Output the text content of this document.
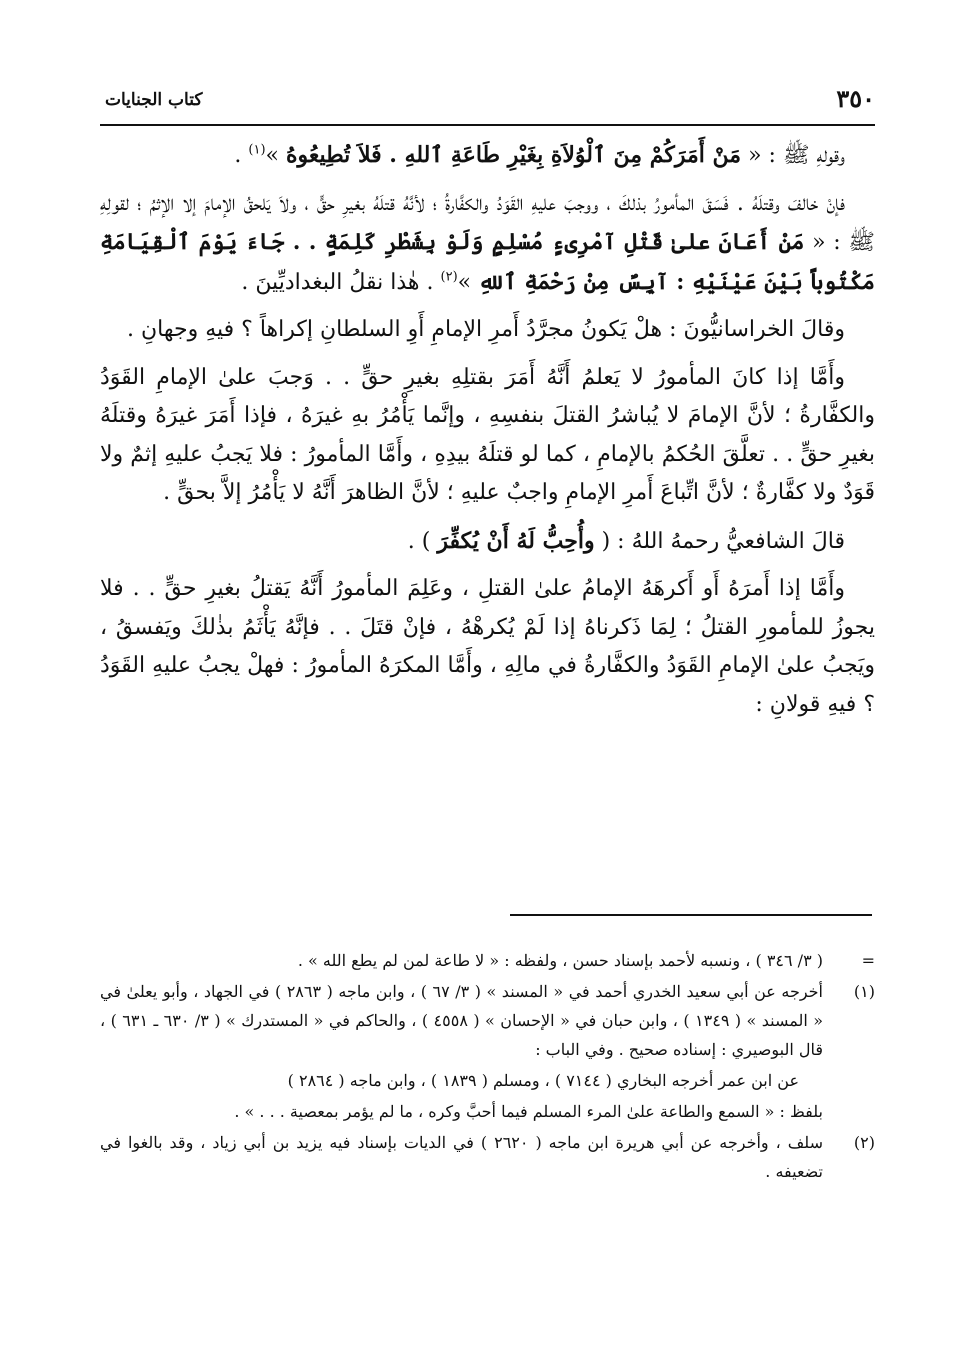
٣٥٠
كتاب الجنايات

وقولهِ ﷺ : « مَنْ أَمَرَكُمْ مِنَ ٱلْوُلاَةِ بِغَيْرِ طَاعَةِ ٱللهِ . فَلاَ تُطِيعُوهُ »$^{(١)}$ .

فإنْ خالفَ وقتلَهُ . فَسَقَ المأمورُ بذلكَ ، ووجبَ عليهِ القَوَدُ والكفَّارةُ ؛ لأنَّهُ قتلَهُ بغيرِ حقٍّ ، ولاَ يَلحقُ الإمامَ إلا الإثمُ ؛ لقولِهِ ﷺ : « مَنْ أَعَانَ علىٰ قَتْلِ آمْرِىءٍ مُسْلِمٍ وَلَوْ بِشَطْرِ كَلِمَةٍ . . جَاءَ يَوْمَ ٱلْقِيَامَةِ مَكْتُوباً بَيْنَ عَيْنَيْهِ : آيِسٌ مِنْ رَحْمَةِ ٱللهِ »$^{(٢)}$ . هٰذا نقلُ البغداديِّينَ .

وقالَ الخراسانيُّونَ : هلْ يَكونُ مجرَّدُ أَمرِ الإمامِ أَوِ السلطانِ إكراهاً ؟ فيهِ وجهانِ .

وأَمَّا إذا كانَ المأمورُ لا يَعلمُ أَنَّهُ أَمَرَ بقتلِهِ بغيرِ حقٍّ . . وَجبَ علىٰ الإمامِ القَوَدُ والكفَّارةُ ؛ لأنَّ الإمامَ لا يُباشرُ القتلَ بنفسِهِ ، وإنَّما يَأْمُرُ بهِ غيرَهُ ، فإذا أَمَرَ غيرَهُ وقتلَهُ بغيرِ حقٍّ . . تعلَّقَ الحُكمُ بالإمامِ ، كما لو قتلَهُ بيدِهِ ، وأَمَّا المأمورُ : فلا يَجبُ عليهِ إثمٌ ولا قَوَدٌ ولا كفَّارةٌ ؛ لأنَّ اتِّباعَ أَمرِ الإمامِ واجبٌ عليهِ ؛ لأنَّ الظاهرَ أَنَّهُ لا يَأْمُرُ إلاَّ بحقٍّ .

قالَ الشافعيُّ رحمهُ اللهُ : ( وأُحِبُّ لَهُ أَنْ يُكفِّرَ ) .

وأَمَّا إذا أَمرَهُ أَو أَكرهَهُ الإمامُ علىٰ القتلِ ، وعَلِمَ المأمورُ أَنَّهُ يَقتلُ بغيرِ حقٍّ . . فلا يجوزُ للمأمورِ القتلُ ؛ لِمَا ذَكرناهُ إذا لَمْ يُكرهْهُ ، فإنْ قتَلَ . . فإنَّهُ يَأْثَمُ بذٰلكَ ويَفسقُ ، ويَجبُ علىٰ الإمامِ القَوَدُ والكفَّارةُ في مالِهِ ، وأَمَّا المكرَهُ المأمورُ : فهلْ يجبُ عليهِ القَوَدُ ؟ فيهِ قولانِ :

=
( ٣/ ٣٤٦ ) ، ونسبه لأحمد بإسناد حسن ، ولفظه : « لا طاعة لمن لم يطع الله » .
(١)
أخرجه عن أبي سعيد الخدري أحمد في « المسند » ( ٣/ ٦٧ ) ، وابن ماجه ( ٢٨٦٣ ) في الجهاد ، وأبو يعلىٰ في « المسند » ( ١٣٤٩ ) ، وابن حبان في « الإحسان » ( ٤٥٥٨ ) ، والحاكم في « المستدرك » ( ٣/ ٦٣٠ ـ ٦٣١ ) ، قال البوصيري : إسناده صحيح . وفي الباب :
عن ابن عمر أخرجه البخاري ( ٧١٤٤ ) ، ومسلم ( ١٨٣٩ ) ، وابن ماجه ( ٢٨٦٤ )
بلفظ : « السمع والطاعة علىٰ المرء المسلم فيما أحبَّ وكره ، ما لم يؤمر بمعصية . . . » .
(٢)
سلف ، وأخرجه عن أبي هريرة ابن ماجه ( ٢٦٢٠ ) في الديات بإسناد فيه يزيد بن أبي زياد ، وقد بالغوا في تضعيفه .
